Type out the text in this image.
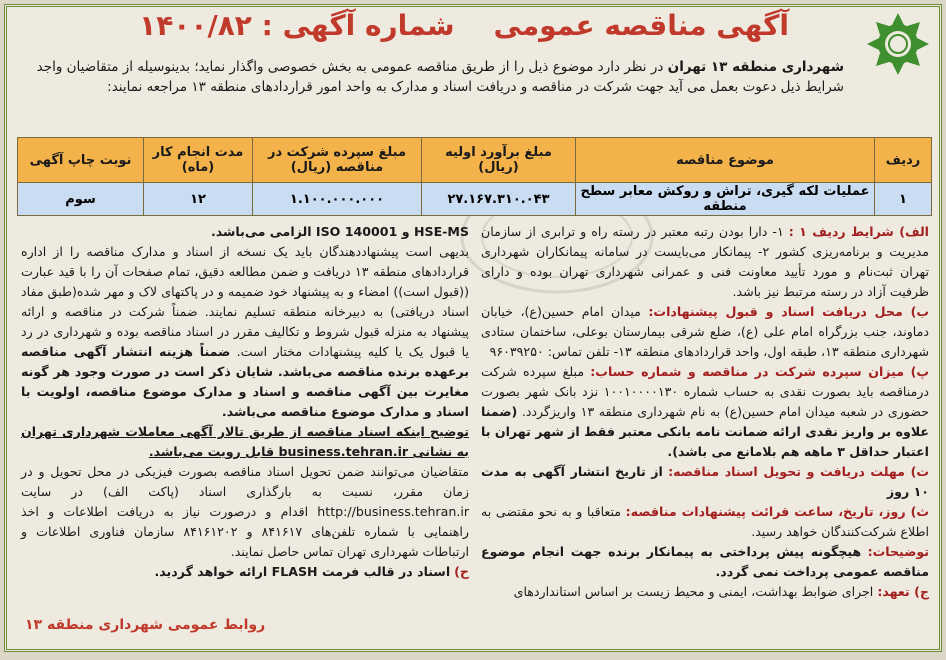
آگهی مناقصه عمومی    شماره آگهی : ۱۴۰۰/۸۲
شهرداری منطقه ۱۳ تهران در نظر دارد موضوع ذیل را از طریق مناقصه عمومی به بخش خصوصی واگذار نماید؛ بدینوسیله از متقاضیان واجد شرایط ذیل دعوت بعمل می آید جهت شرکت در مناقصه و دریافت اسناد و مدارک به واحد امور قراردادهای منطقه ۱۳ مراجعه نمایند:
ردیف	موضوع مناقصه	مبلغ برآورد اولیه (ریال)	مبلغ سپرده شرکت در مناقصه (ریال)	مدت انجام کار (ماه)	نوبت چاپ آگهی
۱	عملیات لکه گیری، تراش و روکش معابر سطح منطقه	۲۷.۱۶۷.۳۱۰.۰۴۳	۱.۱۰۰.۰۰۰.۰۰۰	۱۲	سوم

الف) شرایط ردیف ۱ : ۱- دارا بودن رتبه معتبر در رسته راه و ترابری از سازمان مدیریت و برنامه‌ریزی کشور ۲- پیمانکار می‌بایست در سامانه پیمانکاران شهرداری تهران ثبت‌نام و مورد تأیید معاونت فنی و عمرانی شهرداری تهران بوده و دارای ظرفیت آزاد در رسته مرتبط نیز باشد.

ب) محل دریافت اسناد و قبول پیشنهادات: میدان امام حسین(ع)، خیابان دماوند، جنب بزرگراه امام علی (ع)، ضلع شرقی بیمارستان بوعلی، ساختمان ستادی شهرداری منطقه ۱۳، طبقه اول، واحد قراردادهای منطقه ۱۳- تلفن تماس: ۹۶۰۳۹۲۵۰

پ) میزان سپرده شرکت در مناقصه و شماره حساب: مبلغ سپرده شرکت درمناقصه باید بصورت نقدی به حساب شماره ۱۰۰۱۰۰۰۰۱۳۰ نزد بانک شهر بصورت حضوری در شعبه میدان امام حسین(ع) به نام شهرداری منطقه ۱۳ واریزگردد. (ضمنا علاوه بر واریز نقدی ارائه ضمانت نامه بانکی معتبر فقط از شهر تهران با اعتبار حداقل ۳ ماهه هم بلامانع می باشد).

ت) مهلت دریافت و تحویل اسناد مناقصه: از تاریخ انتشار آگهی به مدت ۱۰ روز

ث) روز، تاریخ، ساعت قرائت پیشنهادات مناقصه: متعاقبا و به نحو مقتضی به اطلاع شرکت‌کنندگان خواهد رسید.

توضیحات: هیچگونه پیش پرداختی به پیمانکار برنده جهت انجام موضوع مناقصه عمومی پرداخت نمی گردد.

ج) تعهد: اجرای ضوابط بهداشت، ایمنی و محیط زیست بر اساس استانداردهای

HSE-MS و ISO 140001 الزامی می‌باشد.

بدیهی است پیشنهاددهندگان باید یک نسخه از اسناد و مدارک مناقصه را از اداره قراردادهای منطقه ۱۳ دریافت و ضمن مطالعه دقیق، تمام صفحات آن را با قید عبارت ((قبول است)) امضاء و به پیشنهاد خود ضمیمه و در پاکتهای لاک و مهر شده(طبق مفاد اسناد دریافتی) به دبیرخانه منطقه تسلیم نمایند. ضمناً شرکت در مناقصه و ارائه پیشنهاد به منزله قبول شروط و تکالیف مقرر در اسناد مناقصه بوده و شهرداری در رد یا قبول یک یا کلیه پیشنهادات مختار است. ضمناً هزینه انتشار آگهی مناقصه برعهده برنده مناقصه می‌باشد. شایان ذکر است در صورت وجود هر گونه مغایرت بین آگهی مناقصه و اسناد و مدارک موضوع مناقصه، اولویت با اسناد و مدارک موضوع مناقصه می‌باشد.

توضیح اینکه اسناد مناقصه از طریق تالار آگهی معاملات شهرداری تهران به نشانی business.tehran.ir قابل رویت می‌باشد.

متقاضیان می‌توانند ضمن تحویل اسناد مناقصه بصورت فیزیکی در محل تحویل و در زمان مقرر، نسبت به بارگذاری اسناد (پاکت الف) در سایت http://business.tehran.ir اقدام و درصورت نیاز به دریافت اطلاعات و اخذ راهنمایی با شماره تلفن‌های ۸۴۱۶۱۷ و ۸۴۱۶۱۲۰۲ سازمان فناوری اطلاعات و ارتباطات شهرداری تهران تماس حاصل نمایند.

ح) اسناد در قالب فرمت FLASH ارائه خواهد گردید.

روابط عمومی شهرداری منطقه ۱۳
